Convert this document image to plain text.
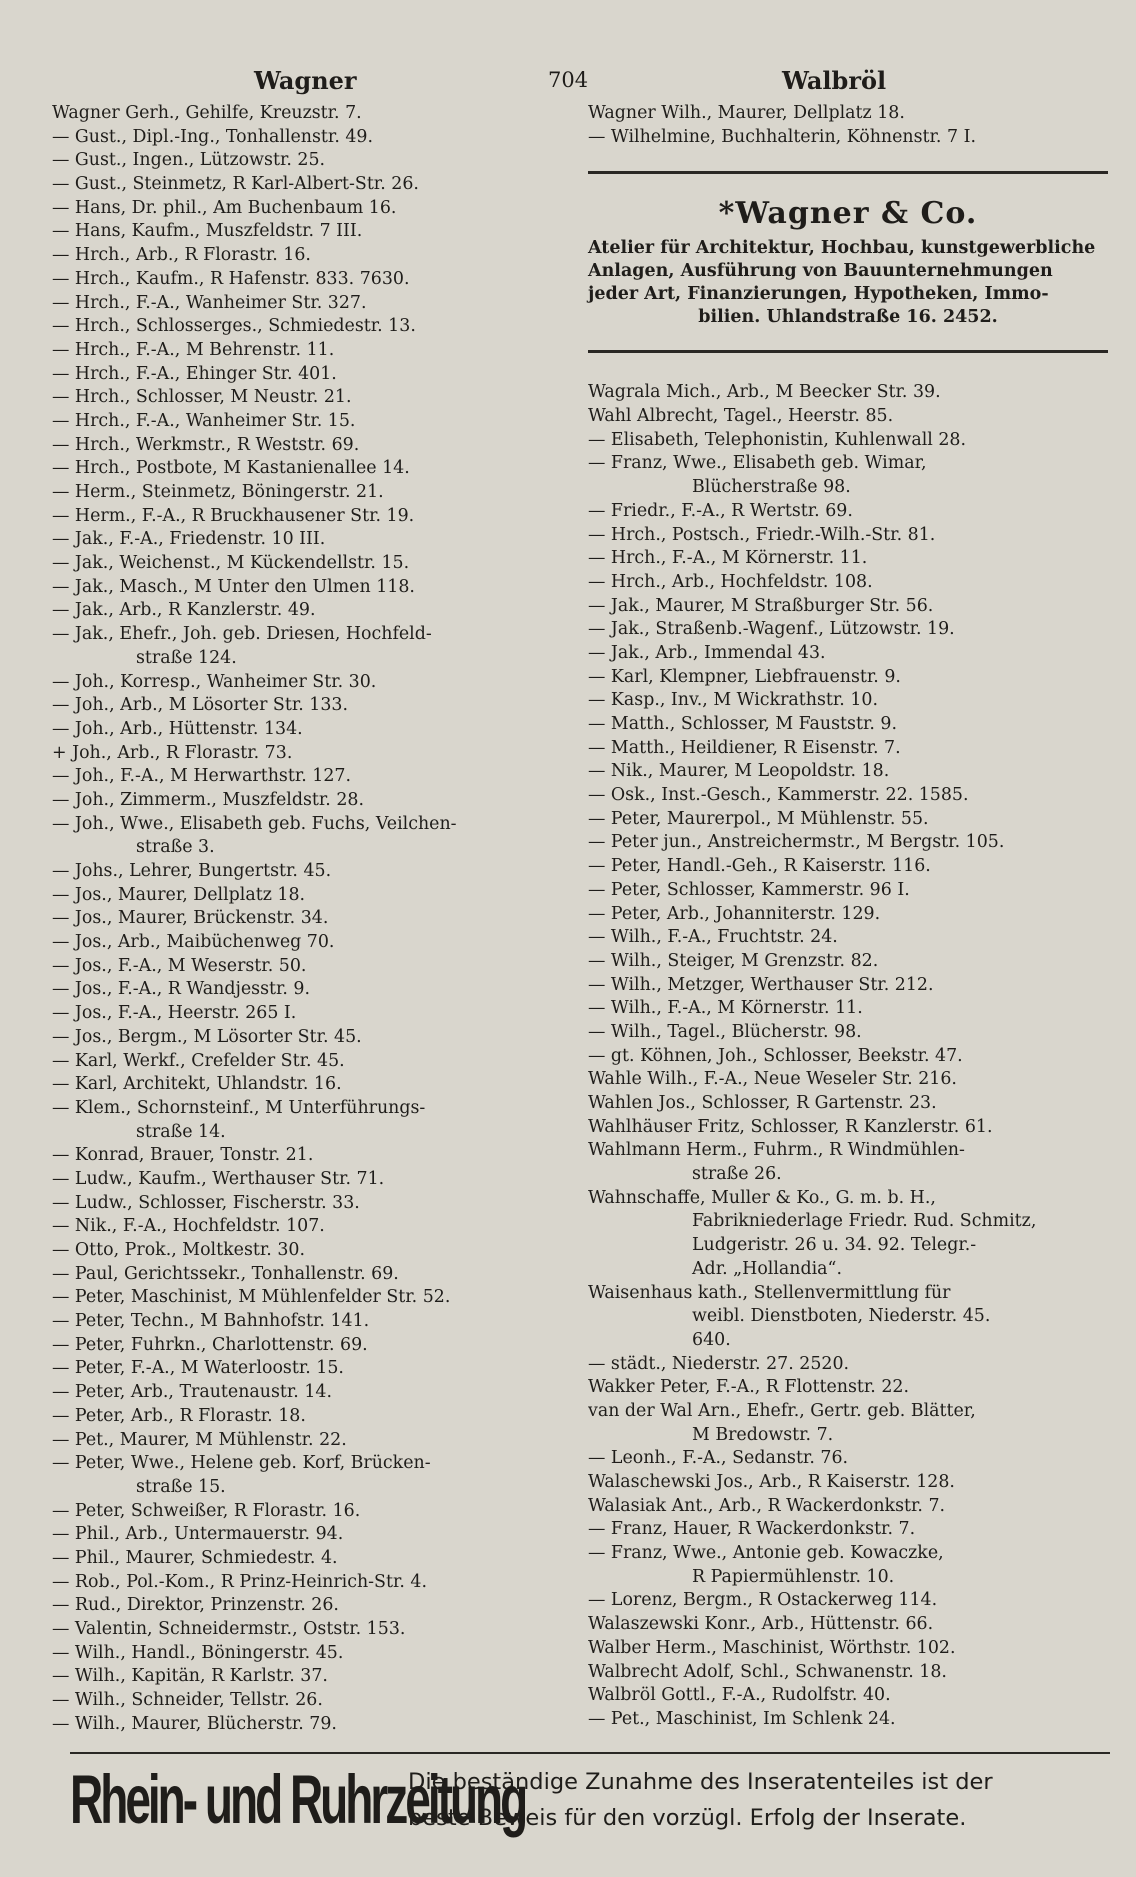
Wagner	704	Walbröl
Wagner Gerh., Gehilfe, Kreuzstr. 7.
— Gust., Dipl.-Ing., Tonhallenstr. 49.
— Gust., Ingen., Lützowstr. 25.
— Gust., Steinmetz, R Karl-Albert-Str. 26.
— Hans, Dr. phil., Am Buchenbaum 16.
— Hans, Kaufm., Muszfeldstr. 7 III.
— Hrch., Arb., R Florastr. 16.
— Hrch., Kaufm., R Hafenstr. 833. 7630.
— Hrch., F.-A., Wanheimer Str. 327.
— Hrch., Schlosserges., Schmiedestr. 13.
— Hrch., F.-A., M Behrenstr. 11.
— Hrch., F.-A., Ehinger Str. 401.
— Hrch., Schlosser, M Neustr. 21.
— Hrch., F.-A., Wanheimer Str. 15.
— Hrch., Werkmstr., R Weststr. 69.
— Hrch., Postbote, M Kastanienallee 14.
— Herm., Steinmetz, Böningerstr. 21.
— Herm., F.-A., R Bruckhausener Str. 19.
— Jak., F.-A., Friedenstr. 10 III.
— Jak., Weichenst., M Kückendellstr. 15.
— Jak., Masch., M Unter den Ulmen 118.
— Jak., Arb., R Kanzlerstr. 49.
— Jak., Ehefr., Joh. geb. Driesen, Hochfeld-
straße 124.
— Joh., Korresp., Wanheimer Str. 30.
— Joh., Arb., M Lösorter Str. 133.
— Joh., Arb., Hüttenstr. 134.
+ Joh., Arb., R Florastr. 73.
— Joh., F.-A., M Herwarthstr. 127.
— Joh., Zimmerm., Muszfeldstr. 28.
— Joh., Wwe., Elisabeth geb. Fuchs, Veilchen-
straße 3.
— Johs., Lehrer, Bungertstr. 45.
— Jos., Maurer, Dellplatz 18.
— Jos., Maurer, Brückenstr. 34.
— Jos., Arb., Maibüchenweg 70.
— Jos., F.-A., M Weserstr. 50.
— Jos., F.-A., R Wandjesstr. 9.
— Jos., F.-A., Heerstr. 265 I.
— Jos., Bergm., M Lösorter Str. 45.
— Karl, Werkf., Crefelder Str. 45.
— Karl, Architekt, Uhlandstr. 16.
— Klem., Schornsteinf., M Unterführungs-
straße 14.
— Konrad, Brauer, Tonstr. 21.
— Ludw., Kaufm., Werthauser Str. 71.
— Ludw., Schlosser, Fischerstr. 33.
— Nik., F.-A., Hochfeldstr. 107.
— Otto, Prok., Moltkestr. 30.
— Paul, Gerichtssekr., Tonhallenstr. 69.
— Peter, Maschinist, M Mühlenfelder Str. 52.
— Peter, Techn., M Bahnhofstr. 141.
— Peter, Fuhrkn., Charlottenstr. 69.
— Peter, F.-A., M Waterloostr. 15.
— Peter, Arb., Trautenaustr. 14.
— Peter, Arb., R Florastr. 18.
— Pet., Maurer, M Mühlenstr. 22.
— Peter, Wwe., Helene geb. Korf, Brücken-
straße 15.
— Peter, Schweißer, R Florastr. 16.
— Phil., Arb., Untermauerstr. 94.
— Phil., Maurer, Schmiedestr. 4.
— Rob., Pol.-Kom., R Prinz-Heinrich-Str. 4.
— Rud., Direktor, Prinzenstr. 26.
— Valentin, Schneidermstr., Oststr. 153.
— Wilh., Handl., Böningerstr. 45.
— Wilh., Kapitän, R Karlstr. 37.
— Wilh., Schneider, Tellstr. 26.
— Wilh., Maurer, Blücherstr. 79.
Wagner Wilh., Maurer, Dellplatz 18.
— Wilhelmine, Buchhalterin, Köhnenstr. 7 I.
*Wagner & Co.
Atelier für Architektur, Hochbau, kunstgewerbliche
Anlagen, Ausführung von Bauunternehmungen
jeder Art, Finanzierungen, Hypotheken, Immo-
bilien. Uhlandstraße 16. 2452.
Wagrala Mich., Arb., M Beecker Str. 39.
Wahl Albrecht, Tagel., Heerstr. 85.
— Elisabeth, Telephonistin, Kuhlenwall 28.
— Franz, Wwe., Elisabeth geb. Wimar,
Blücherstraße 98.
— Friedr., F.-A., R Wertstr. 69.
— Hrch., Postsch., Friedr.-Wilh.-Str. 81.
— Hrch., F.-A., M Körnerstr. 11.
— Hrch., Arb., Hochfeldstr. 108.
— Jak., Maurer, M Straßburger Str. 56.
— Jak., Straßenb.-Wagenf., Lützowstr. 19.
— Jak., Arb., Immendal 43.
— Karl, Klempner, Liebfrauenstr. 9.
— Kasp., Inv., M Wickrathstr. 10.
— Matth., Schlosser, M Fauststr. 9.
— Matth., Heildiener, R Eisenstr. 7.
— Nik., Maurer, M Leopoldstr. 18.
— Osk., Inst.-Gesch., Kammerstr. 22. 1585.
— Peter, Maurerpol., M Mühlenstr. 55.
— Peter jun., Anstreichermstr., M Bergstr. 105.
— Peter, Handl.-Geh., R Kaiserstr. 116.
— Peter, Schlosser, Kammerstr. 96 I.
— Peter, Arb., Johanniterstr. 129.
— Wilh., F.-A., Fruchtstr. 24.
— Wilh., Steiger, M Grenzstr. 82.
— Wilh., Metzger, Werthauser Str. 212.
— Wilh., F.-A., M Körnerstr. 11.
— Wilh., Tagel., Blücherstr. 98.
— gt. Köhnen, Joh., Schlosser, Beekstr. 47.
Wahle Wilh., F.-A., Neue Weseler Str. 216.
Wahlen Jos., Schlosser, R Gartenstr. 23.
Wahlhäuser Fritz, Schlosser, R Kanzlerstr. 61.
Wahlmann Herm., Fuhrm., R Windmühlen-
straße 26.
Wahnschaffe, Muller & Ko., G. m. b. H.,
Fabrikniederlage Friedr. Rud. Schmitz,
Ludgeristr. 26 u. 34. 92. Telegr.-
Adr. „Hollandia“.
Waisenhaus kath., Stellenvermittlung für
weibl. Dienstboten, Niederstr. 45.
640.
— städt., Niederstr. 27. 2520.
Wakker Peter, F.-A., R Flottenstr. 22.
van der Wal Arn., Ehefr., Gertr. geb. Blätter,
M Bredowstr. 7.
— Leonh., F.-A., Sedanstr. 76.
Walaschewski Jos., Arb., R Kaiserstr. 128.
Walasiak Ant., Arb., R Wackerdonkstr. 7.
— Franz, Hauer, R Wackerdonkstr. 7.
— Franz, Wwe., Antonie geb. Kowaczke,
R Papiermühlenstr. 10.
— Lorenz, Bergm., R Ostackerweg 114.
Walaszewski Konr., Arb., Hüttenstr. 66.
Walber Herm., Maschinist, Wörthstr. 102.
Walbrecht Adolf, Schl., Schwanenstr. 18.
Walbröl Gottl., F.-A., Rudolfstr. 40.
— Pet., Maschinist, Im Schlenk 24.
Rhein- und Ruhrzeitung
Die beständige Zunahme des Inseratenteiles ist der
beste Beweis für den vorzügl. Erfolg der Inserate.
